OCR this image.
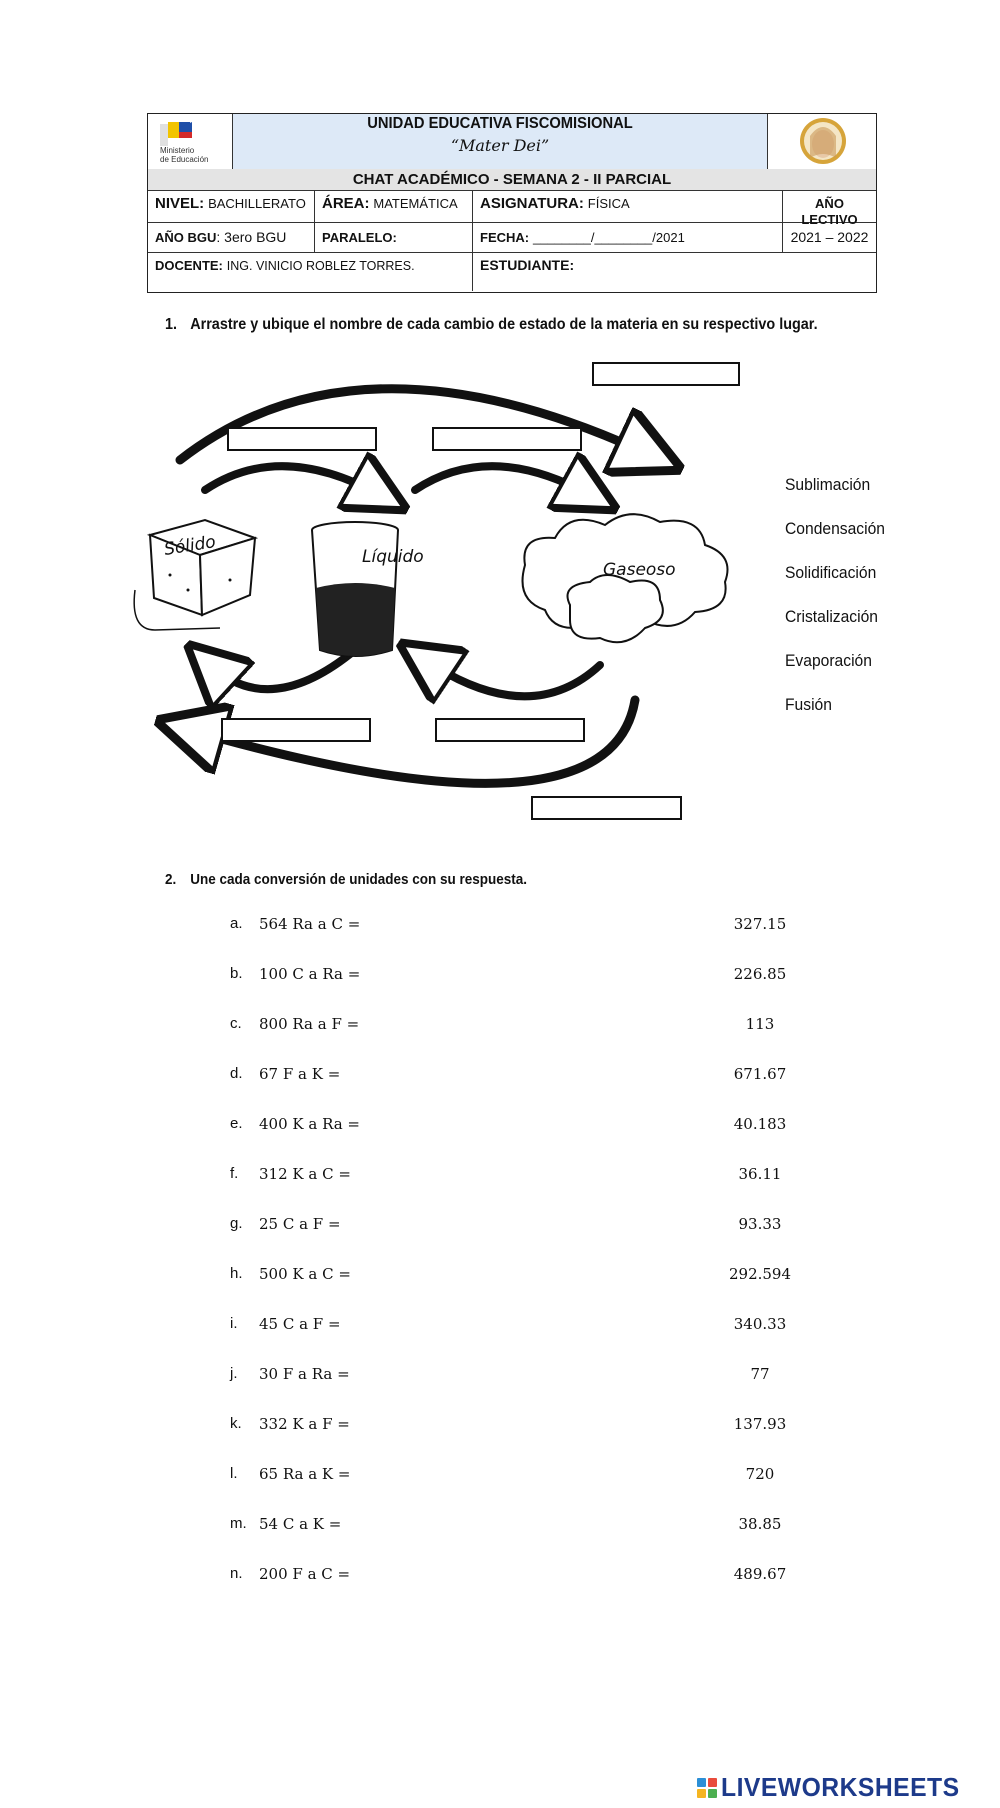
Ministerio
de Educación
UNIDAD EDUCATIVA FISCOMISIONAL
“Mater Dei”
CHAT ACADÉMICO - SEMANA 2 - II PARCIAL
NIVEL: BACHILLERATO	ÁREA: MATEMÁTICA	ASIGNATURA: FÍSICA	AÑO LECTIVO
AÑO BGU: 3ero BGU	PARALELO:	FECHA: ________/________/2021	2021 – 2022
DOCENTE: ING. VINICIO ROBLEZ TORRES.	ESTUDIANTE:
1. Arrastre y ubique el nombre de cada cambio de estado de la materia en su respectivo lugar.
Sólido	Líquido
Gaseoso
Sublimación
Condensación
Solidificación
Cristalización
Evaporación
Fusión
2. Une cada conversión de unidades con su respuesta.
a. 564 Ra a C =	327.15
b. 100 C a Ra =	226.85
c. 800 Ra a F =	113
d. 67 F a K =	671.67
e. 400 K a Ra =	40.183
f. 312 K a C =	36.11
g. 25 C a F =	93.33
h. 500 K a C =	292.594
i. 45 C a F =	340.33
j. 30 F a Ra =	77
k. 332 K a F =	137.93
l. 65 Ra a K =	720
m. 54 C a K =	38.85
n. 200 F a C =	489.67
LIVEWORKSHEETS
